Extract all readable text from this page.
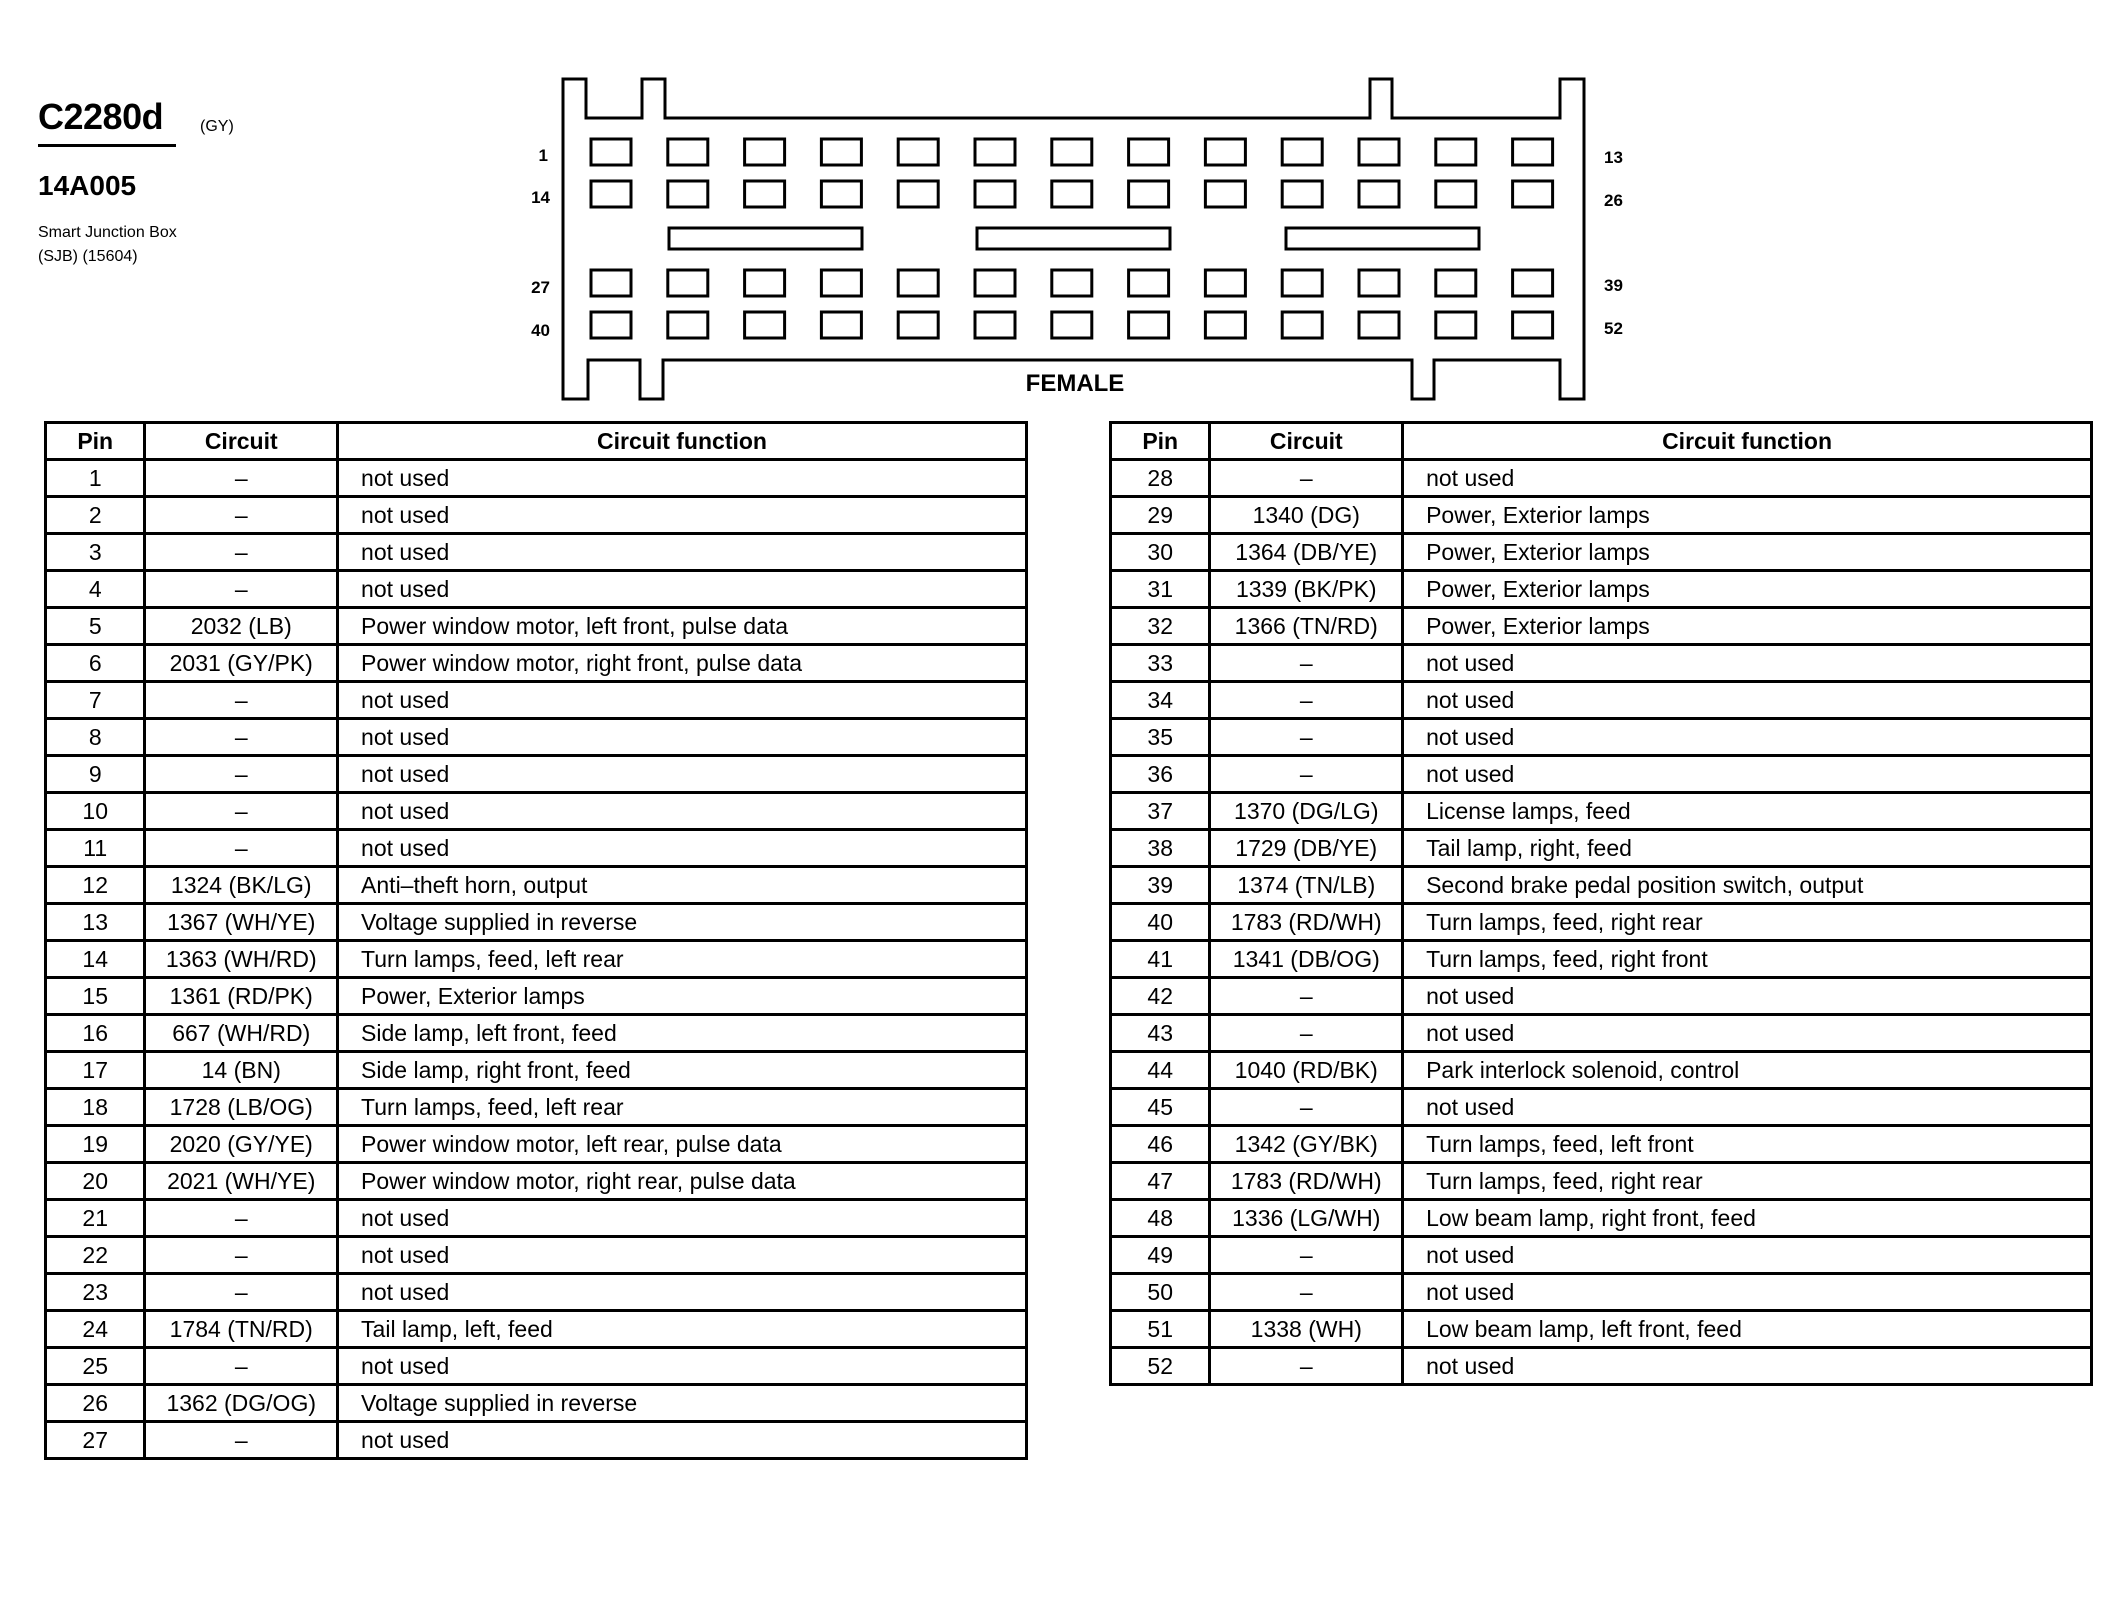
C2280d (GY)
14A005
Smart Junction Box
(SJB) (15604)
1
14
27
40
13
26
39
52
FEMALE
Pin	Circuit	Circuit function
1	–	not used
2	–	not used
3	–	not used
4	–	not used
5	2032 (LB)	Power window motor, left front, pulse data
6	2031 (GY/PK)	Power window motor, right front, pulse data
7	–	not used
8	–	not used
9	–	not used
10	–	not used
11	–	not used
12	1324 (BK/LG)	Anti–theft horn, output
13	1367 (WH/YE)	Voltage supplied in reverse
14	1363 (WH/RD)	Turn lamps, feed, left rear
15	1361 (RD/PK)	Power, Exterior lamps
16	667 (WH/RD)	Side lamp, left front, feed
17	14 (BN)	Side lamp, right front, feed
18	1728 (LB/OG)	Turn lamps, feed, left rear
19	2020 (GY/YE)	Power window motor, left rear, pulse data
20	2021 (WH/YE)	Power window motor, right rear, pulse data
21	–	not used
22	–	not used
23	–	not used
24	1784 (TN/RD)	Tail lamp, left, feed
25	–	not used
26	1362 (DG/OG)	Voltage supplied in reverse
27	–	not used
Pin	Circuit	Circuit function
28	–	not used
29	1340 (DG)	Power, Exterior lamps
30	1364 (DB/YE)	Power, Exterior lamps
31	1339 (BK/PK)	Power, Exterior lamps
32	1366 (TN/RD)	Power, Exterior lamps
33	–	not used
34	–	not used
35	–	not used
36	–	not used
37	1370 (DG/LG)	License lamps, feed
38	1729 (DB/YE)	Tail lamp, right, feed
39	1374 (TN/LB)	Second brake pedal position switch, output
40	1783 (RD/WH)	Turn lamps, feed, right rear
41	1341 (DB/OG)	Turn lamps, feed, right front
42	–	not used
43	–	not used
44	1040 (RD/BK)	Park interlock solenoid, control
45	–	not used
46	1342 (GY/BK)	Turn lamps, feed, left front
47	1783 (RD/WH)	Turn lamps, feed, right rear
48	1336 (LG/WH)	Low beam lamp, right front, feed
49	–	not used
50	–	not used
51	1338 (WH)	Low beam lamp, left front, feed
52	–	not used
